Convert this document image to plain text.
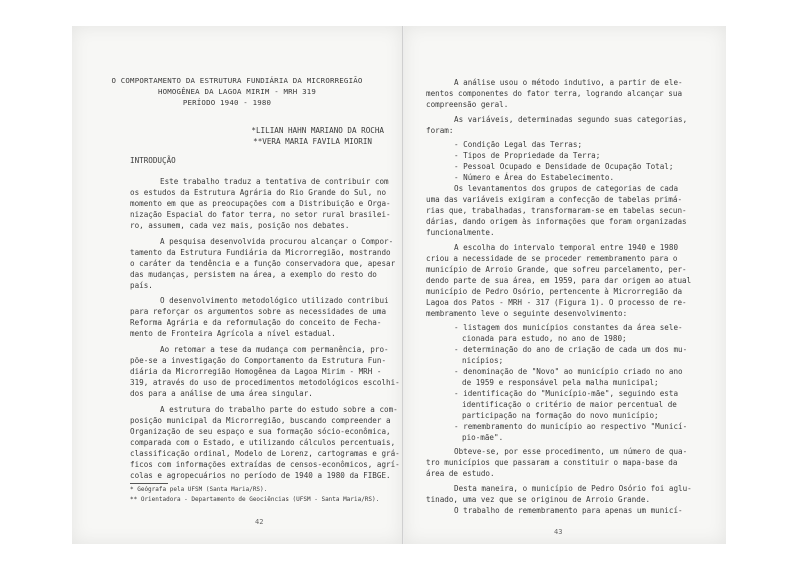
O COMPORTAMENTO DA ESTRUTURA FUNDIÁRIA DA MICRORREGIÃO
HOMOGÊNEA DA LAGOA MIRIM - MRH 319
PERÍODO 1940 - 1980
*LILIAN HAHN MARIANO DA ROCHA
**VERA MARIA FAVILA MIORIN
INTRODUÇÃO
Este trabalho traduz a tentativa de contribuir com
os estudos da Estrutura Agrária do Rio Grande do Sul, no
momento em que as preocupações com a Distribuição e Orga-
nização Espacial do fator terra, no setor rural brasilei-
ro, assumem, cada vez mais, posição nos debates.
A pesquisa desenvolvida procurou alcançar o Compor-
tamento da Estrutura Fundiária da Microrregião, mostrando
o caráter da tendência e a função conservadora que, apesar
das mudanças, persistem na área, a exemplo do resto do
país.
O desenvolvimento metodológico utilizado contribui
para reforçar os argumentos sobre as necessidades de uma
Reforma Agrária e da reformulação do conceito de Fecha-
mento de Fronteira Agrícola a nível estadual.
Ao retomar a tese da mudança com permanência, pro-
põe-se a investigação do Comportamento da Estrutura Fun-
diária da Microrregião Homogênea da Lagoa Mirim - MRH -
319, através do uso de procedimentos metodológicos escolhi-
dos para a análise de uma área singular.
A estrutura do trabalho parte do estudo sobre a com-
posição municipal da Microrregião, buscando compreender a
Organização de seu espaço e sua formação sócio-econômica,
comparada com o Estado, e utilizando cálculos percentuais,
classificação ordinal, Modelo de Lorenz, cartogramas e grá-
ficos com informações extraídas de censos-econômicos, agrí-
colas e agropecuários no período de 1940 a 1980 da FIBGE.
* Geógrafa pela UFSM (Santa Maria/RS).
** Orientadora - Departamento de Geociências (UFSM - Santa Maria/RS).
42
A análise usou o método indutivo, a partir de ele-
mentos componentes do fator terra, logrando alcançar sua
compreensão geral.
As variáveis, determinadas segundo suas categorias,
foram:
- Condição Legal das Terras;
- Tipos de Propriedade da Terra;
- Pessoal Ocupado e Densidade de Ocupação Total;
- Número e Área do Estabelecimento.
Os levantamentos dos grupos de categorias de cada
uma das variáveis exigiram a confecção de tabelas primá-
rias que, trabalhadas, transformaram-se em tabelas secun-
dárias, dando origem às informações que foram organizadas
funcionalmente.
A escolha do intervalo temporal entre 1940 e 1980
criou a necessidade de se proceder remembramento para o
município de Arroio Grande, que sofreu parcelamento, per-
dendo parte de sua área, em 1959, para dar origem ao atual
município de Pedro Osório, pertencente à Microrregião da
Lagoa dos Patos - MRH - 317 (Figura 1). O processo de re-
membramento leve o seguinte desenvolvimento:
- listagem dos municípios constantes da área sele-
cionada para estudo, no ano de 1980;
- determinação do ano de criação de cada um dos mu-
nicípios;
- denominação de "Novo" ao município criado no ano
de 1959 e responsável pela malha municipal;
- identificação do "Município-mãe", seguindo esta
identificação o critério de maior percentual de
participação na formação do novo município;
- remembramento do município ao respectivo "Municí-
pio-mãe".
Obteve-se, por esse procedimento, um número de qua-
tro municípios que passaram a constituir o mapa-base da
área de estudo.
Desta maneira, o município de Pedro Osório foi aglu-
tinado, uma vez que se originou de Arroio Grande.
O trabalho de remembramento para apenas um municí-
43
